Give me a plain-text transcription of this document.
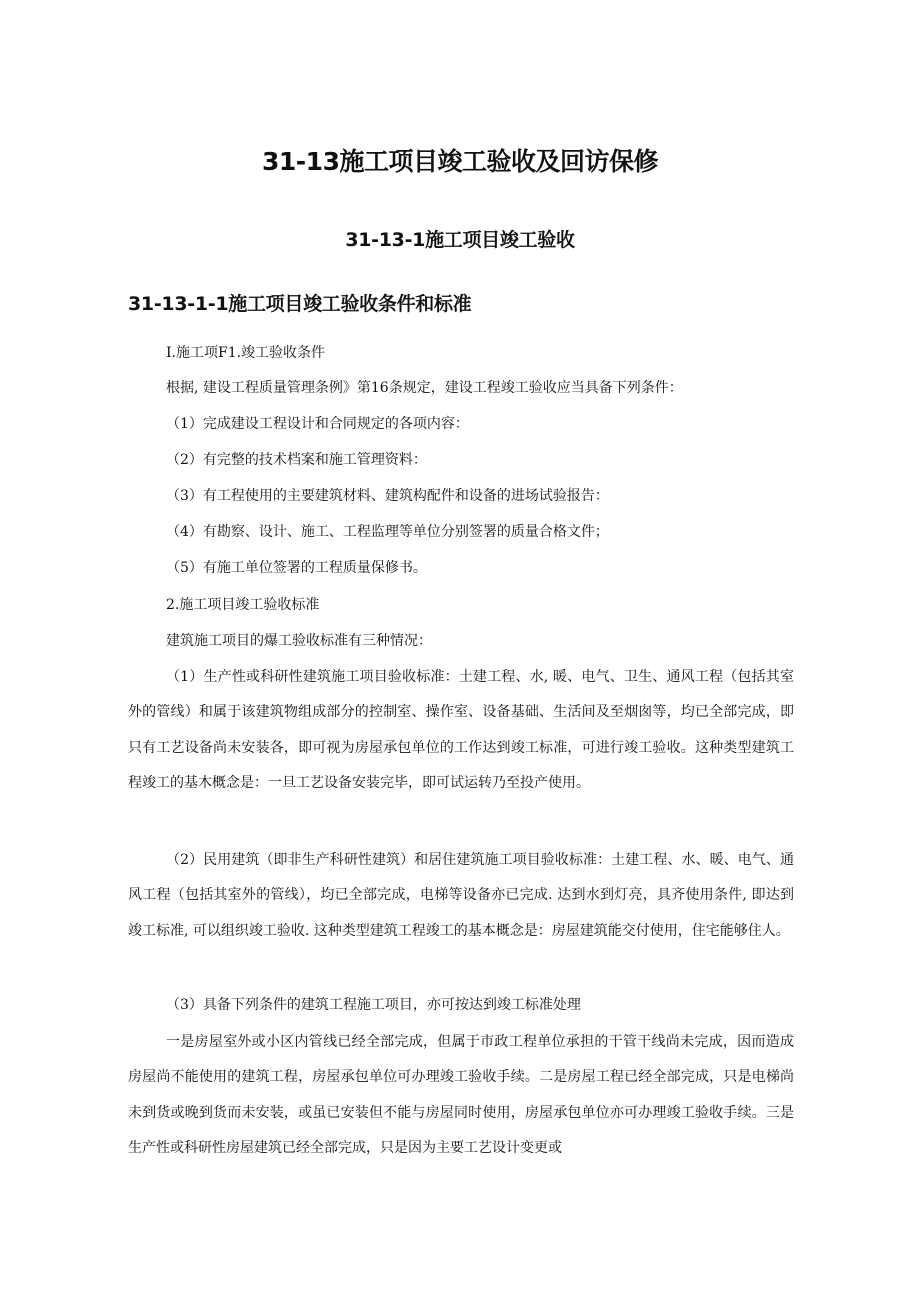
31-13施工项目竣工验收及回访保修
31-13-1施工项目竣工验收
31-13-1-1施工项目竣工验收条件和标准
I.施工项F1.竣工验收条件
根据, 建设工程质量管理条例》第16条规定，建设工程竣工验收应当具备下列条件：
（1）完成建设工程设计和合同规定的各项内容：
（2）有完整的技术档案和施工管理资料：
（3）有工程使用的主要建筑材料、建筑构配件和设备的进场试验报告：
（4）有勘察、设计、施工、工程监理等单位分别签署的质量合格文件；
（5）有施工单位签署的工程质量保修书。
2.施工项目竣工验收标准
建筑施工项目的爆工验收标准有三种情况：
（1）生产性或科研性建筑施工项目验收标准：土建工程、水, 暖、电气、卫生、通风工程（包括其室外的管线）和属于该建筑物组成部分的控制室、操作室、设备基础、生活间及至烟囱等，均已全部完成，即只有工艺设备尚未安装各，即可视为房屋承包单位的工作达到竣工标准，可进行竣工验收。这种类型建筑工程竣工的基木概念是：一旦工艺设备安装完毕，即可试运转乃至投产使用。
（2）民用建筑（即非生产科研性建筑）和居住建筑施工项目验收标准：土建工程、水、暖、电气、通风工程（包括其室外的管线），均已全部完成，电梯等设备亦已完成. 达到水到灯亮，具齐使用条件, 即达到竣工标准, 可以组织竣工验收. 这种类型建筑工程竣工的基本概念是：房屋建筑能交付使用，住宅能够住人。
（3）具备下列条件的建筑工程施工项目，亦可按达到竣工标准处理
一是房屋室外或小区内管线已经全部完成，但属于市政工程单位承担的干管干线尚未完成，因而造成房屋尚不能使用的建筑工程，房屋承包单位可办理竣工验收手续。二是房屋工程已经全部完成，只是电梯尚未到货或晚到货而未安装，或虽已安装但不能与房屋同时使用，房屋承包单位亦可办理竣工验收手续。三是生产性或科研性房屋建筑已经全部完成，只是因为主要工艺设计变更或
